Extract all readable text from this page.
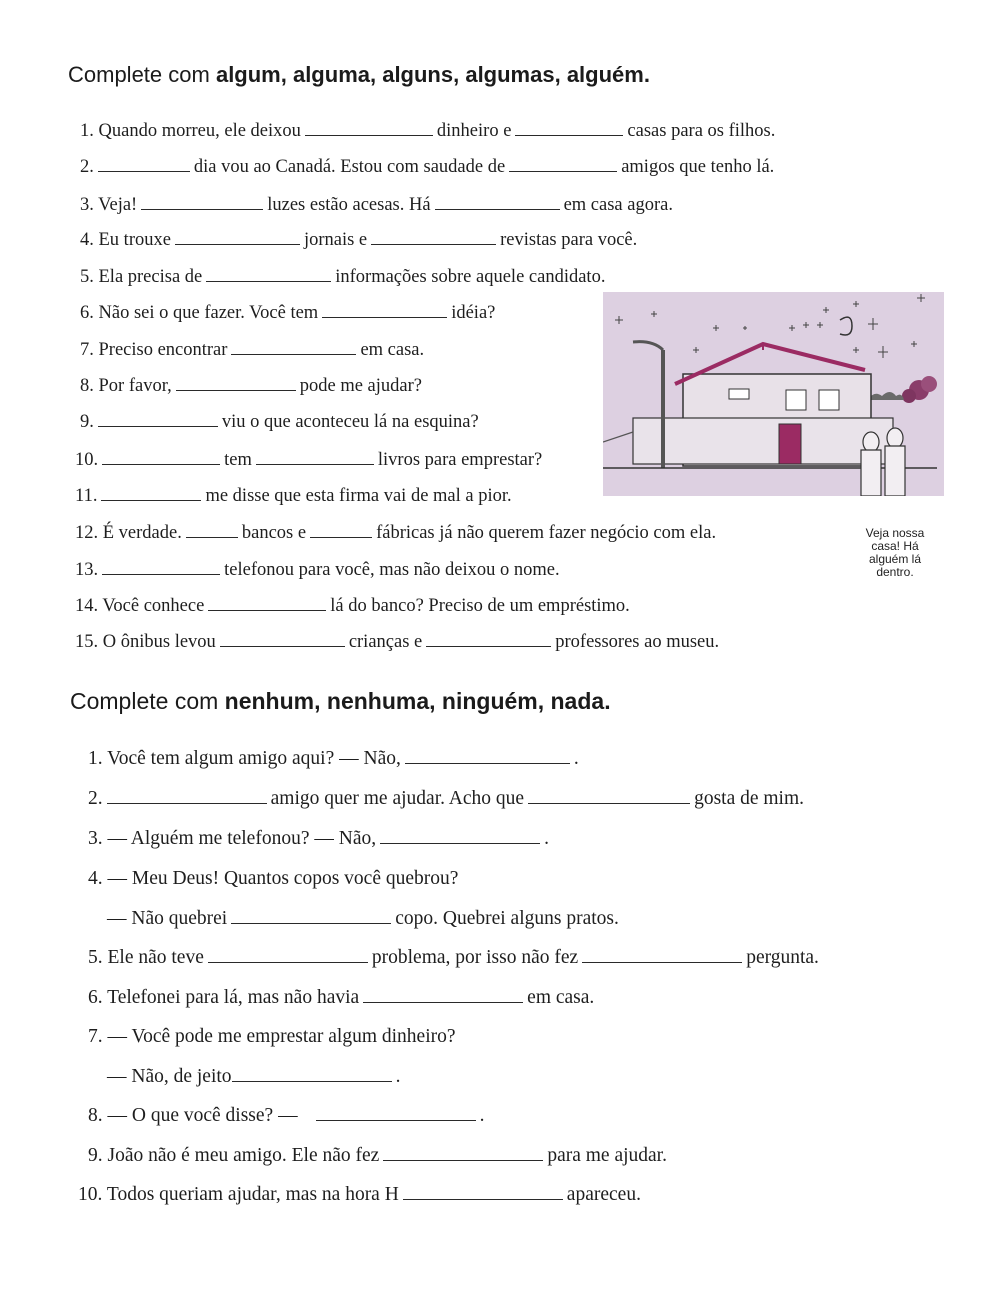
Complete com algum, alguma, alguns, algumas, alguém.
1. Quando morreu, ele deixou	dinheiro e	casas para os filhos.
2.	dia vou ao Canadá. Estou com saudade de	amigos que tenho lá.
3. Veja!	luzes estão acesas. Há	em casa agora.
4. Eu trouxe	jornais e	revistas para você.
5. Ela precisa de	informações sobre aquele candidato.
6. Não sei o que fazer. Você tem	idéia?
7. Preciso encontrar	em casa.
8. Por favor,	pode me ajudar?
9.	viu o que aconteceu lá na esquina?
10.	tem	livros para emprestar?
11.	me disse que esta firma vai de mal a pior.
12. É verdade.	bancos e	fábricas já não querem fazer negócio com ela.
13.	telefonou para você, mas não deixou o nome.
14. Você conhece	lá do banco? Preciso de um empréstimo.
15. O ônibus levou	crianças e	professores ao museu.
Veja nossa
casa! Há
alguém lá
dentro.
Complete com nenhum, nenhuma, ninguém, nada.
1. Você tem algum amigo aqui? — Não,	.
2.	amigo quer me ajudar. Acho que	gosta de mim.
3. — Alguém me telefonou? — Não,	.
4. — Meu Deus! Quantos copos você quebrou?
— Não quebrei	copo. Quebrei alguns pratos.
5. Ele não teve	problema, por isso não fez	pergunta.
6. Telefonei para lá, mas não havia	em casa.
7. — Você pode me emprestar algum dinheiro?
— Não, de jeito	.
8. — O que você disse? —	.
9. João não é meu amigo. Ele não fez	para me ajudar.
10. Todos queriam ajudar, mas na hora H	apareceu.
